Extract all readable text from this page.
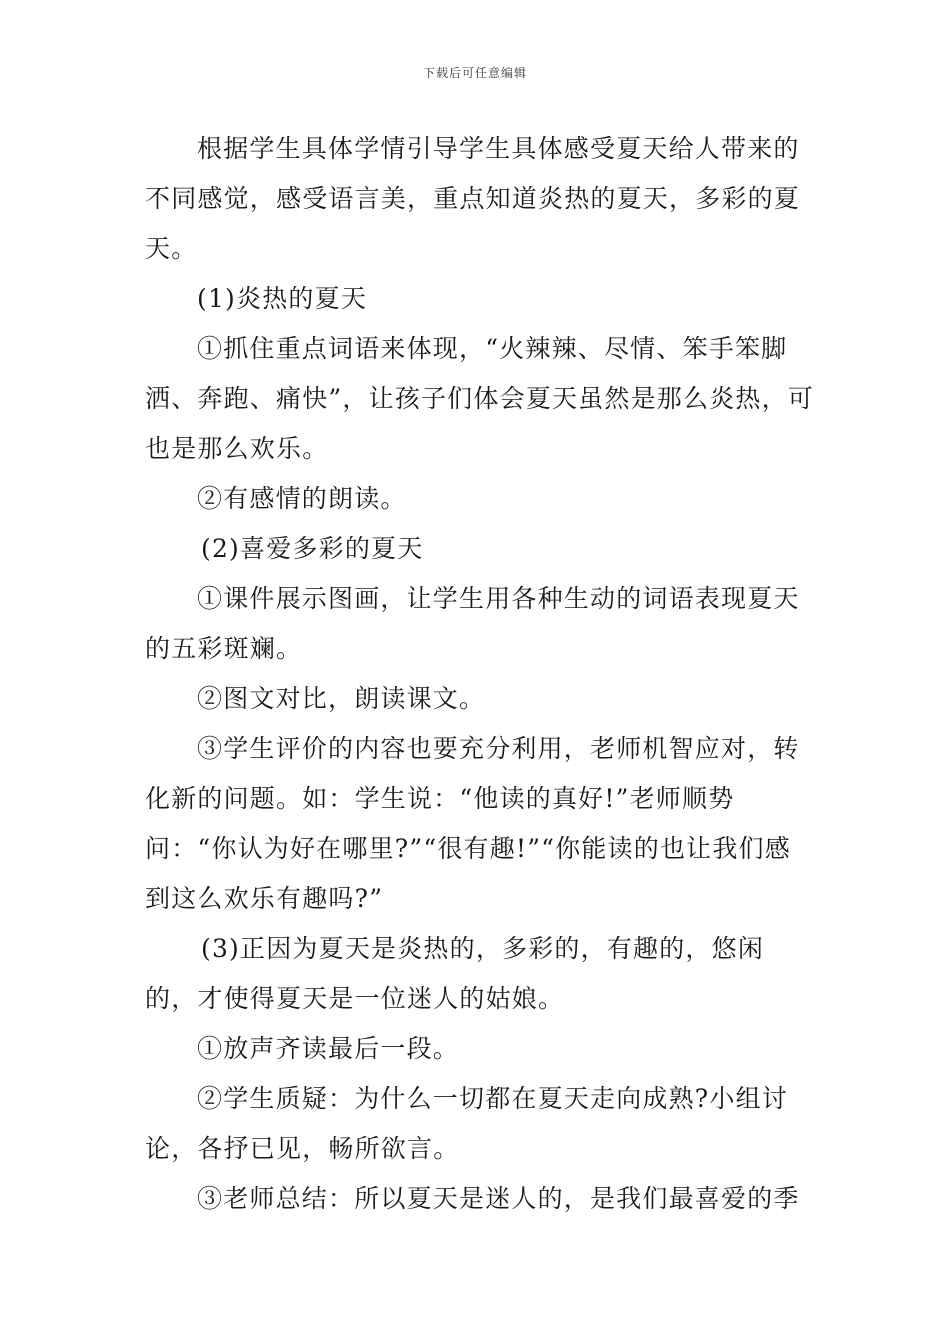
下载后可任意编辑

根据学生具体学情引导学生具体感受夏天给人带来的不同感觉，感受语言美，重点知道炎热的夏天，多彩的夏天。

(1)炎热的夏天

①抓住重点词语来体现，“火辣辣、尽情、笨手笨脚洒、奔跑、痛快”，让孩子们体会夏天虽然是那么炎热，可也是那么欢乐。

②有感情的朗读。

(2)喜爱多彩的夏天

①课件展示图画，让学生用各种生动的词语表现夏天的五彩斑斓。

②图文对比，朗读课文。

③学生评价的内容也要充分利用，老师机智应对，转化新的问题。如：学生说：“他读的真好!”老师顺势问：“你认为好在哪里?”“很有趣!”“你能读的也让我们感到这么欢乐有趣吗?”

(3)正因为夏天是炎热的，多彩的，有趣的，悠闲的，才使得夏天是一位迷人的姑娘。

①放声齐读最后一段。

②学生质疑：为什么一切都在夏天走向成熟?小组讨论，各抒已见，畅所欲言。

③老师总结：所以夏天是迷人的，是我们最喜爱的季
